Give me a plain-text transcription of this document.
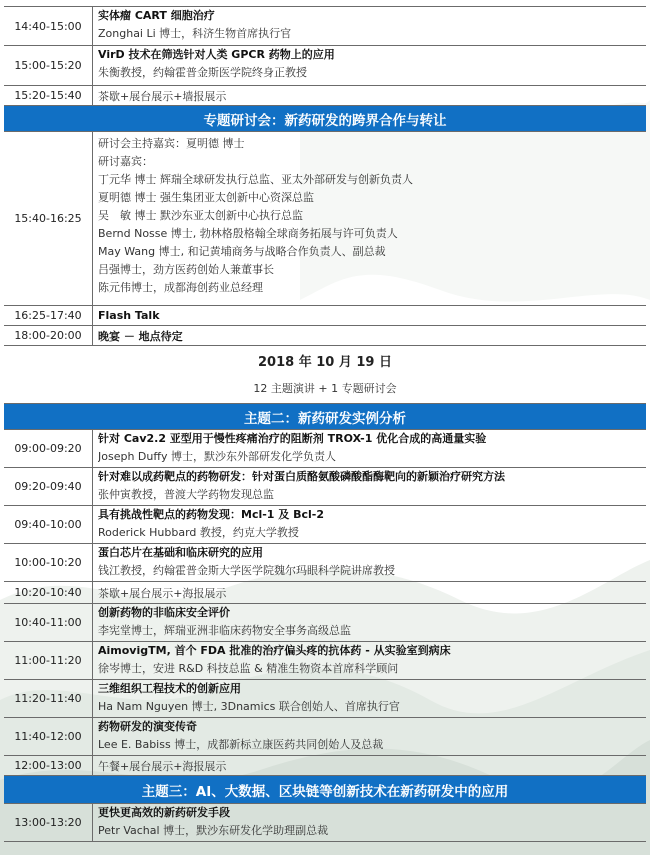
14:40-15:00
实体瘤 CART 细胞治疗
Zonghai Li 博士，科济生物首席执行官
15:00-15:20
VirD 技术在筛选针对人类 GPCR 药物上的应用
朱衡教授，约翰霍普金斯医学院终身正教授
15:20-15:40	茶歇+展台展示+墙报展示
专题研讨会：新药研发的跨界合作与转让
15:40-16:25
研讨会主持嘉宾：夏明德 博士
研讨嘉宾：
丁元华 博士 辉瑞全球研发执行总监、亚太外部研发与创新负责人
夏明德 博士 强生集团亚太创新中心资深总监
吴　敏 博士 默沙东亚太创新中心执行总监
Bernd Nosse 博士, 勃林格殷格翰全球商务拓展与许可负责人
May Wang 博士, 和记黄埔商务与战略合作负责人、副总裁
吕强博士，劲方医药创始人兼董事长
陈元伟博士，成都海创药业总经理
16:25-17:40	Flash Talk
18:00-20:00	晚宴 － 地点待定
2018 年 10 月 19 日
12 主题演讲 + 1 专题研讨会
主题二：新药研发实例分析
09:00-09:20
针对 Cav2.2 亚型用于慢性疼痛治疗的阻断剂 TROX-1 优化合成的高通量实验
Joseph Duffy 博士，默沙东外部研发化学负责人
09:20-09:40
针对难以成药靶点的药物研发：针对蛋白质酪氨酸磷酸酯酶靶向的新颖治疗研究方法
张仲寅教授，普渡大学药物发现总监
09:40-10:00
具有挑战性靶点的药物发现：Mcl-1 及 Bcl-2
Roderick Hubbard 教授，约克大学教授
10:00-10:20
蛋白芯片在基础和临床研究的应用
钱江教授，约翰霍普金斯大学医学院魏尔玛眼科学院讲席教授
10:20-10:40	茶歇+展台展示+海报展示
10:40-11:00
创新药物的非临床安全评价
李宪堂博士，辉瑞亚洲非临床药物安全事务高级总监
11:00-11:20
AimovigTM, 首个 FDA 批准的治疗偏头疼的抗体药 - 从实验室到病床
徐岑博士，安进 R&D 科技总监 & 精准生物资本首席科学顾问
11:20-11:40
三维组织工程技术的创新应用
Ha Nam Nguyen 博士, 3Dnamics 联合创始人、首席执行官
11:40-12:00
药物研发的演变传奇
Lee E. Babiss 博士，成都新标立康医药共同创始人及总裁
12:00-13:00	午餐+展台展示+海报展示
主题三：AI、大数据、区块链等创新技术在新药研发中的应用
13:00-13:20
更快更高效的新药研发手段
Petr Vachal 博士，默沙东研发化学助理副总裁
